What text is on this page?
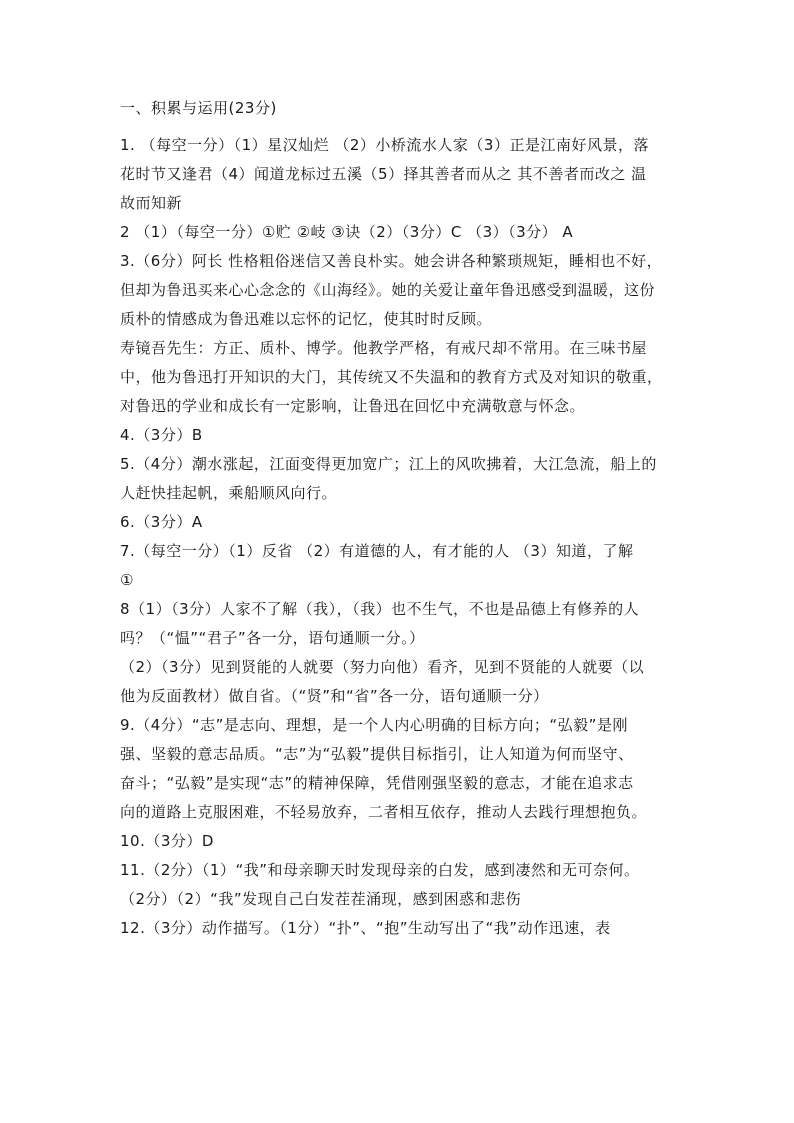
一、积累与运用(23分)
1. （每空一分）（1）星汉灿烂 （2）小桥流水人家（3）正是江南好风景，落
花时节又逢君（4）闻道龙标过五溪（5）择其善者而从之 其不善者而改之 温
故而知新
2 （1）（每空一分）①贮 ②岐 ③诀（2）（3分）C （3）（3分） A
3.（6分）阿长 性格粗俗迷信又善良朴实。她会讲各种繁琐规矩，睡相也不好，
但却为鲁迅买来心心念念的《山海经》。她的关爱让童年鲁迅感受到温暖，这份
质朴的情感成为鲁迅难以忘怀的记忆，使其时时反顾。
寿镜吾先生：方正、质朴、博学。他教学严格，有戒尺却不常用。在三味书屋
中，他为鲁迅打开知识的大门，其传统又不失温和的教育方式及对知识的敬重，
对鲁迅的学业和成长有一定影响，让鲁迅在回忆中充满敬意与怀念。
4.（3分）B
5.（4分）潮水涨起，江面变得更加宽广；江上的风吹拂着，大江急流，船上的
人赶快挂起帆，乘船顺风向行。
6.（3分）A
7.（每空一分）（1）反省 （2）有道德的人，有才能的人 （3）知道，了解
①
8（1）（3分）人家不了解（我），（我）也不生气，不也是品德上有修养的人
吗？（“愠”“君子”各一分，语句通顺一分。）
（2）（3分）见到贤能的人就要（努力向他）看齐，见到不贤能的人就要（以
他为反面教材）做自省。（“贤”和“省”各一分，语句通顺一分）
9.（4分）“志”是志向、理想，是一个人内心明确的目标方向；“弘毅”是刚
强、坚毅的意志品质。“志”为“弘毅”提供目标指引，让人知道为何而坚守、
奋斗；“弘毅”是实现“志”的精神保障，凭借刚强坚毅的意志，才能在追求志
向的道路上克服困难，不轻易放弃，二者相互依存，推动人去践行理想抱负。
10.（3分）D
11.（2分）（1）“我”和母亲聊天时发现母亲的白发，感到凄然和无可奈何。
（2分）（2）“我”发现自己白发茬茬涌现，感到困惑和悲伤
12.（3分）动作描写。（1分）“扑”、“抱”生动写出了“我”动作迅速，表
